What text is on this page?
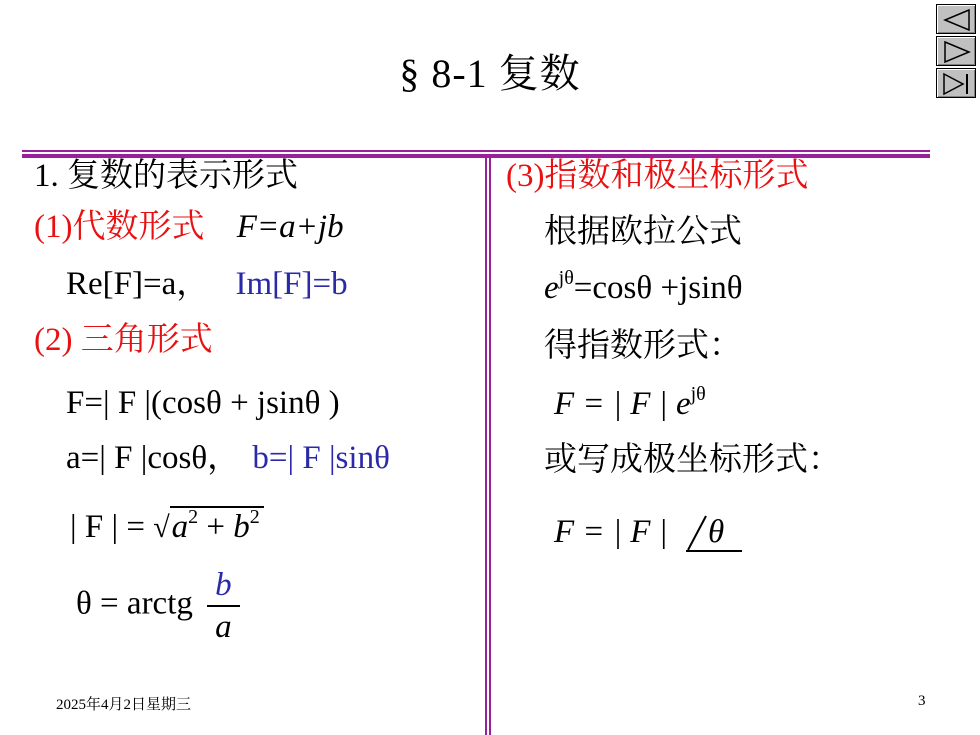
§ 8-1 复数
1. 复数的表示形式
(1)代数形式 F=a+jb
Re[F]=a， Im[F]=b
(2) 三角形式
F=| F |(cosθ + jsinθ )
a=| F |cosθ， b=| F |sinθ
| F | = $√a^2 + b^2$
θ = arctg $\frac{b}{a}$
(3)指数和极坐标形式
根据欧拉公式
$e^{j\theta}=\cos\theta +jsin\theta$
得指数形式：
F = | F | $e^{j\theta}$
或写成极坐标形式：
F = | F | θ
2025年4月2日星期三	3
